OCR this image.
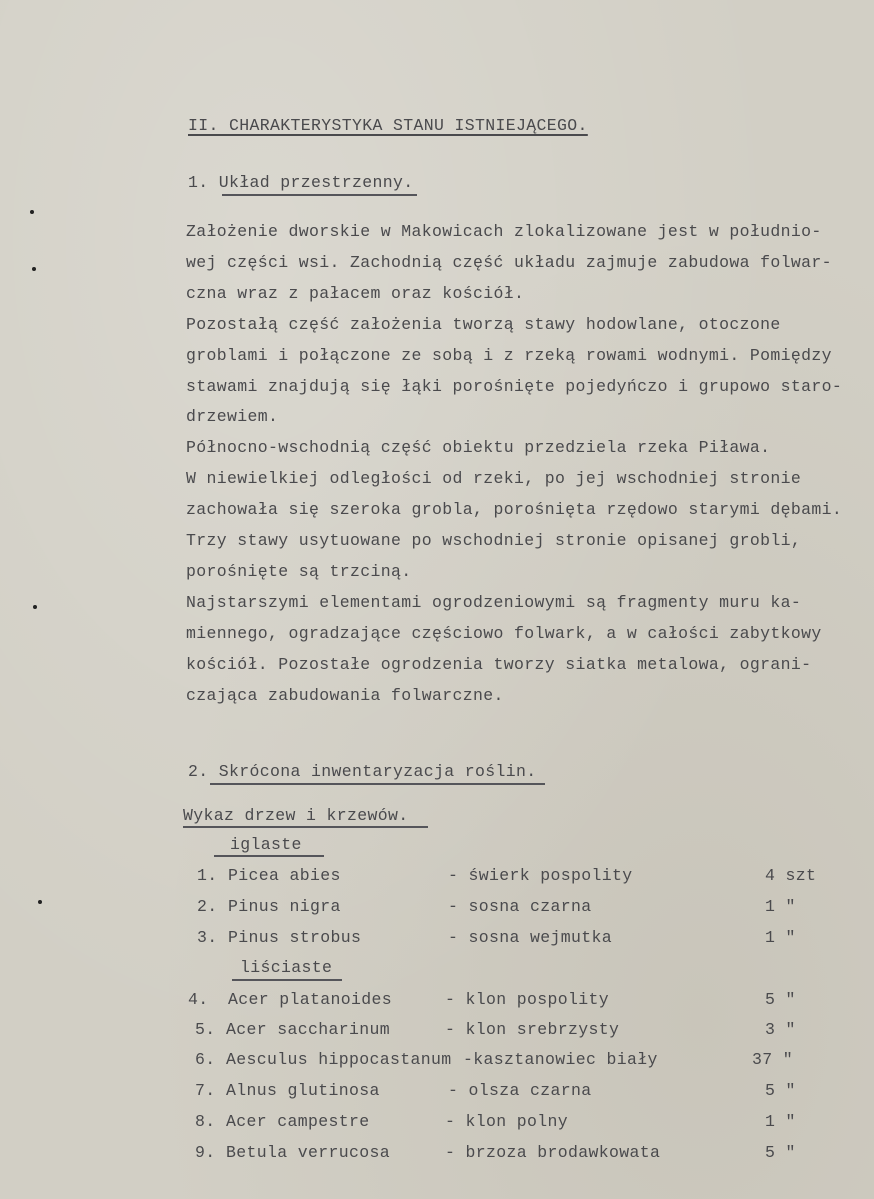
II. CHARAKTERYSTYKA STANU ISTNIEJĄCEGO.
1. Układ przestrzenny.
Założenie dworskie w Makowicach zlokalizowane jest w południo-
wej części wsi. Zachodnią część układu zajmuje zabudowa folwar-
czna wraz z pałacem oraz kościół.
Pozostałą część założenia tworzą stawy hodowlane, otoczone
groblami i połączone ze sobą i z rzeką rowami wodnymi. Pomiędzy
stawami znajdują się łąki porośnięte pojedyńczo i grupowo staro-
drzewiem.
Północno-wschodnią część obiektu przedziela rzeka Piława.
W niewielkiej odległości od rzeki, po jej wschodniej stronie
zachowała się szeroka grobla, porośnięta rzędowo starymi dębami.
Trzy stawy usytuowane po wschodniej stronie opisanej grobli,
porośnięte są trzciną.
Najstarszymi elementami ogrodzeniowymi są fragmenty muru ka-
miennego, ogradzające częściowo folwark, a w całości zabytkowy
kościół. Pozostałe ogrodzenia tworzy siatka metalowa, ograni-
czająca zabudowania folwarczne.
2. Skrócona inwentaryzacja roślin.
Wykaz drzew i krzewów.
iglaste
1. Picea abies	- świerk pospolity	4 szt
2. Pinus nigra	- sosna czarna	1 "
3. Pinus strobus	- sosna wejmutka	1 "
liściaste
4. Acer platanoides	- klon pospolity	5 "
5. Acer saccharinum	- klon srebrzysty	3 "
6. Aesculus hippocastanum -kasztanowiec biały	37 "
7. Alnus glutinosa	- olsza czarna	5 "
8. Acer campestre	- klon polny	1 "
9. Betula verrucosa	- brzoza brodawkowata	5 "
